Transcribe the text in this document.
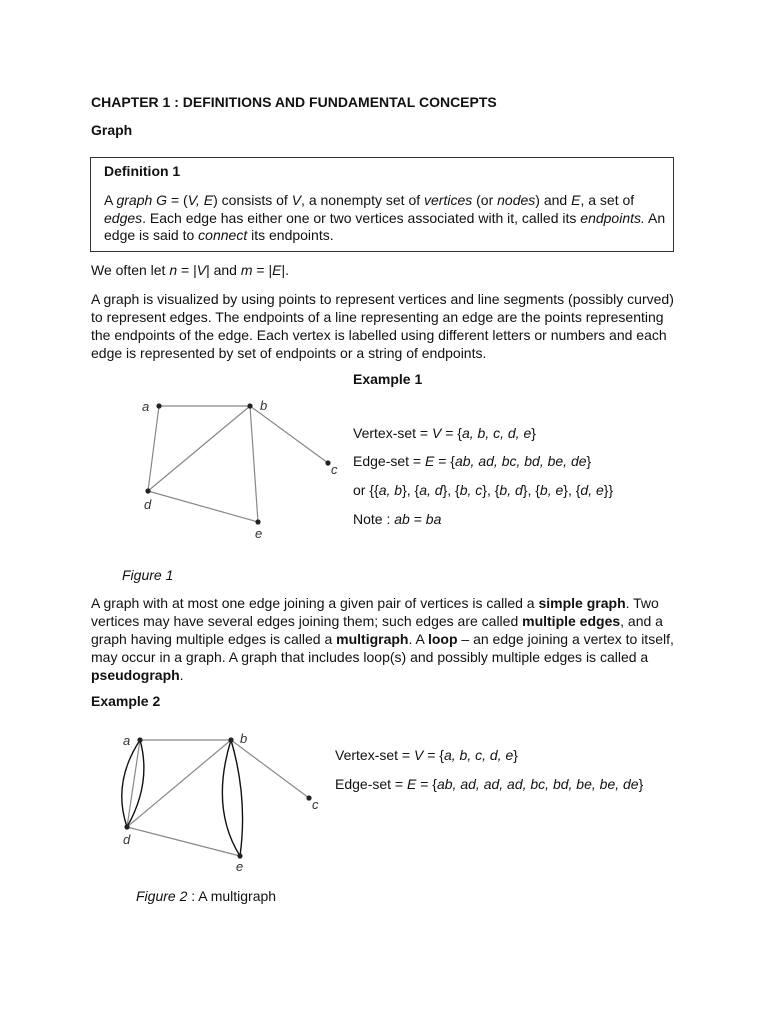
CHAPTER 1 : DEFINITIONS AND FUNDAMENTAL CONCEPTS
Graph
Definition 1
A graph G = (V, E) consists of V, a nonempty set of vertices (or nodes) and E, a set of
edges. Each edge has either one or two vertices associated with it, called its endpoints. An
edge is said to connect its endpoints.
We often let n = |V| and m = |E|.
A graph is visualized by using points to represent vertices and line segments (possibly curved)
to represent edges. The endpoints of a line representing an edge are the points representing
the endpoints of the edge. Each vertex is labelled using different letters or numbers and each
edge is represented by set of endpoints or a string of endpoints.
Example 1
a	b
c
d
e
Vertex-set = V = {a, b, c, d, e}
Edge-set = E = {ab, ad, bc, bd, be, de}
or {{a, b}, {a, d}, {b, c}, {b, d}, {b, e}, {d, e}}
Note : ab = ba
Figure 1
A graph with at most one edge joining a given pair of vertices is called a simple graph. Two
vertices may have several edges joining them; such edges are called multiple edges, and a
graph having multiple edges is called a multigraph. A loop – an edge joining a vertex to itself,
may occur in a graph. A graph that includes loop(s) and possibly multiple edges is called a
pseudograph.
Example 2
a	b
c
d
e
Vertex-set = V = {a, b, c, d, e}
Edge-set = E = {ab, ad, ad, ad, bc, bd, be, be, de}
Figure 2 : A multigraph
